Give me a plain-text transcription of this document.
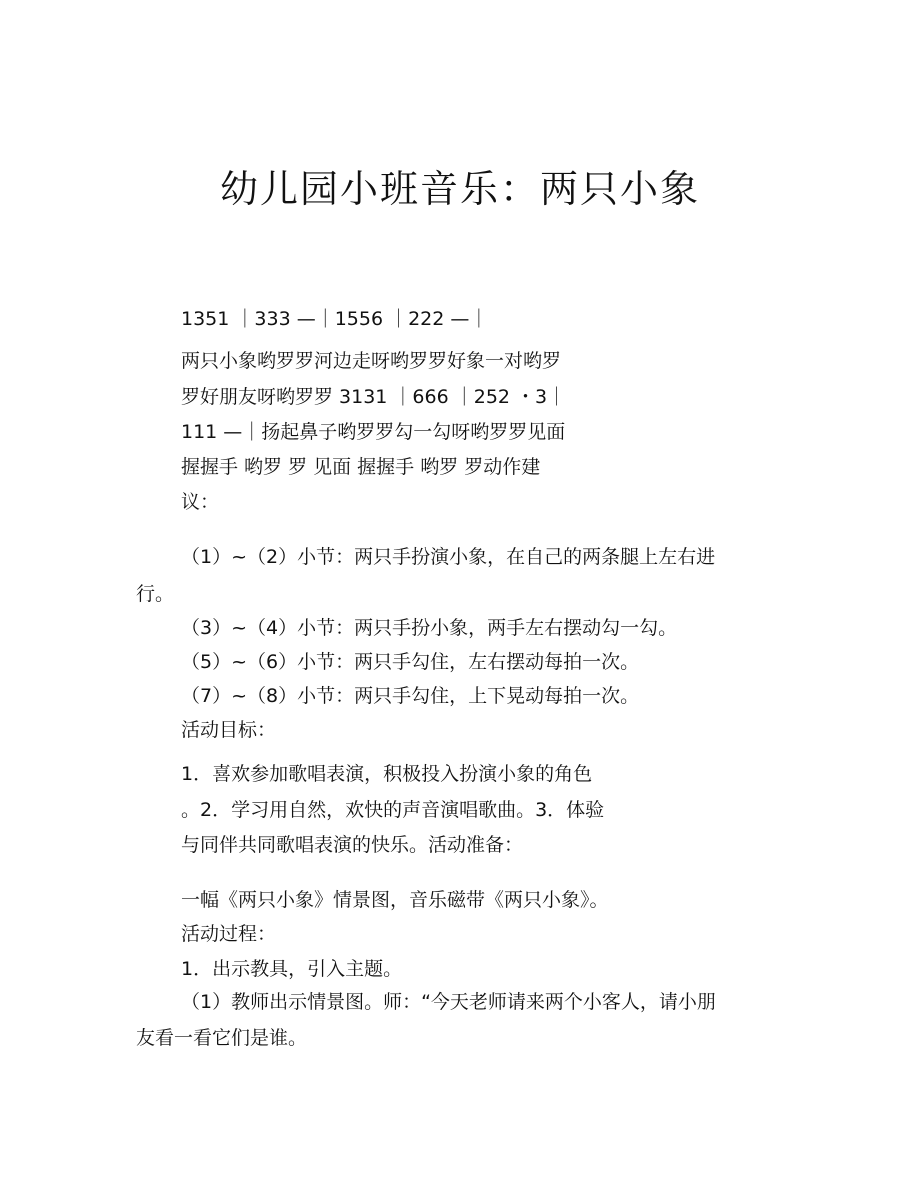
幼儿园小班音乐：两只小象
1351 ｜333 —｜1556 ｜222 —｜
两只小象哟罗罗河边走呀哟罗罗好象一对哟罗
罗好朋友呀哟罗罗 3131 ｜666 ｜252 ・3｜
111 —｜扬起鼻子哟罗罗勾一勾呀哟罗罗见面
握握手 哟罗 罗 见面 握握手 哟罗 罗动作建
议：
（1）~（2）小节：两只手扮演小象，在自己的两条腿上左右进
行。
（3）~（4）小节：两只手扮小象，两手左右摆动勾一勾。
（5）~（6）小节：两只手勾住，左右摆动每拍一次。
（7）~（8）小节：两只手勾住，上下晃动每拍一次。
活动目标：
1．喜欢参加歌唱表演，积极投入扮演小象的角色
。2．学习用自然，欢快的声音演唱歌曲。3．体验
与同伴共同歌唱表演的快乐。活动准备：
一幅《两只小象》情景图，音乐磁带《两只小象》。
活动过程：
1．出示教具，引入主题。
（1）教师出示情景图。师：“今天老师请来两个小客人，请小朋
友看一看它们是谁。
